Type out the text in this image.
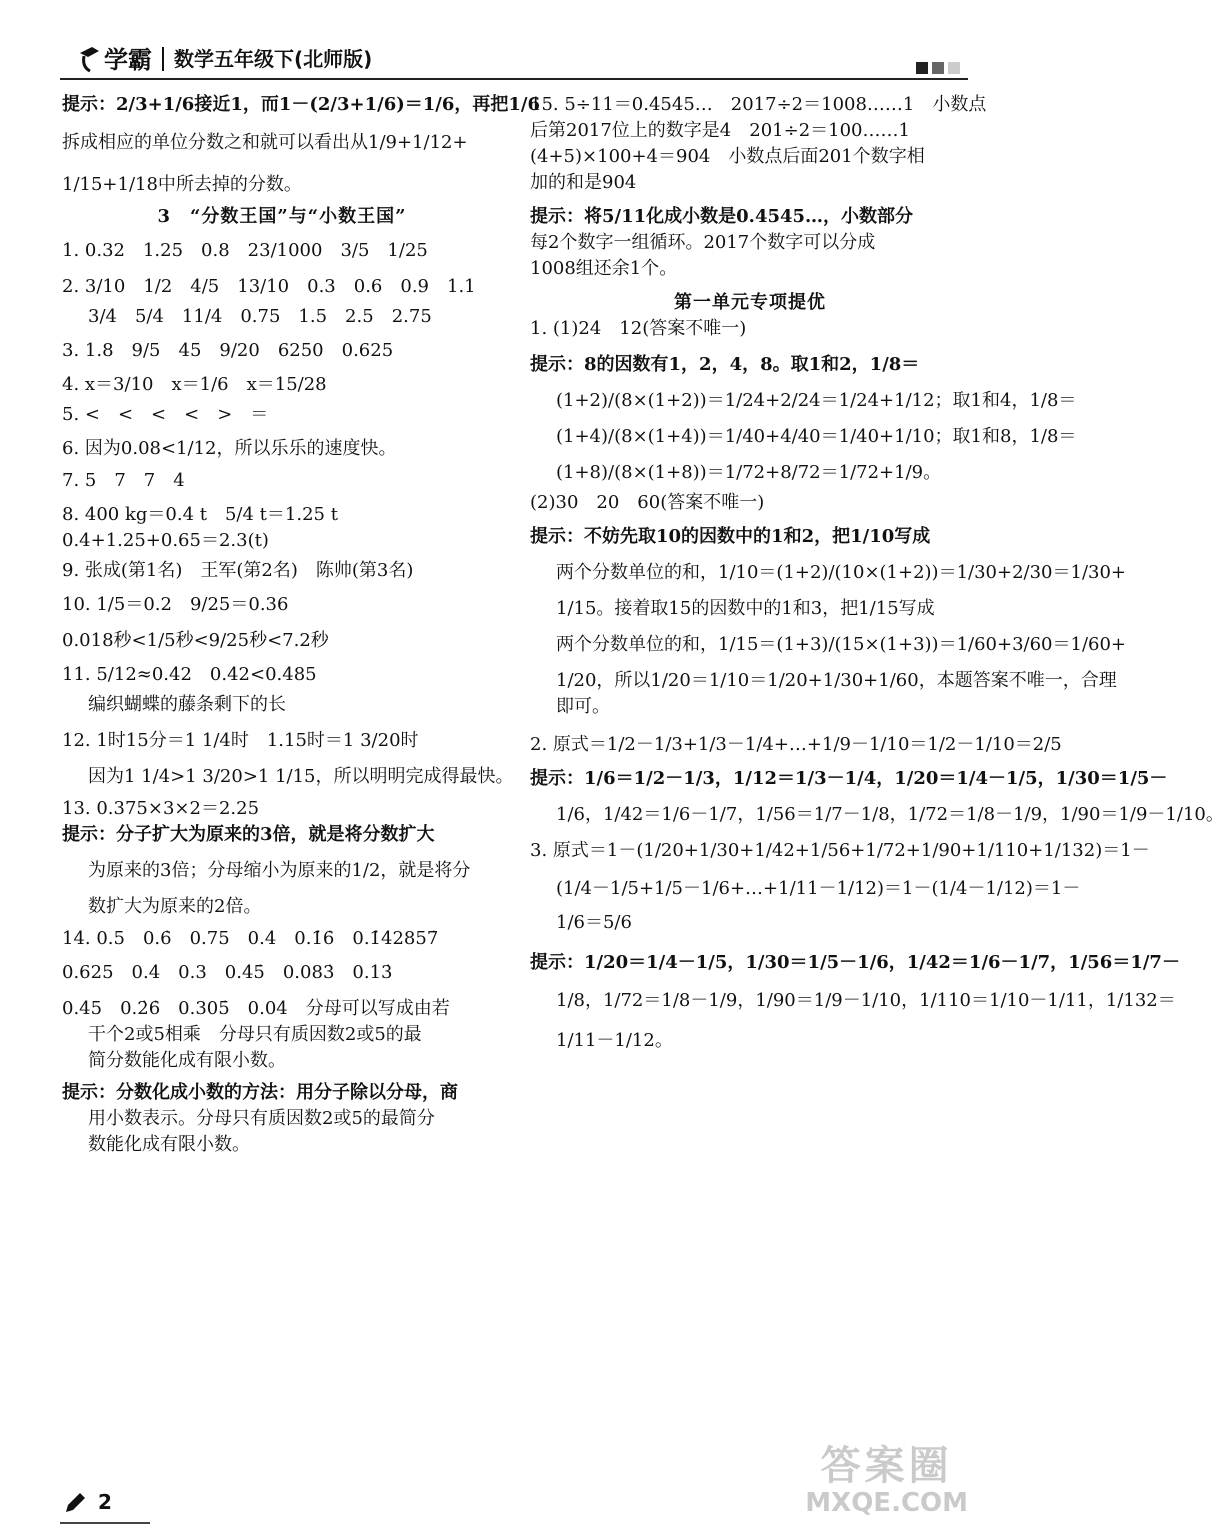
学霸 数学五年级下(北师版)
提示：2/3+1/6接近1，而1－(2/3+1/6)＝1/6，再把1/6
拆成相应的单位分数之和就可以看出从1/9+1/12+
1/15+1/18中所去掉的分数。
3　“分数王国”与“小数王国”
1. 0.32　1.25　0.8　23/1000　3/5　1/25
2. 3/10　1/2　4/5　13/10　0.3　0.6　0.9　1.1
3/4　5/4　11/4　0.75　1.5　2.5　2.75
3. 1.8　9/5　45　9/20　6250　0.625
4. x＝3/10　x＝1/6　x＝15/28
5. <　<　<　<　>　＝
6. 因为0.08<1/12，所以乐乐的速度快。
7. 5　7　7　4
8. 400 kg＝0.4 t　5/4 t＝1.25 t
0.4+1.25+0.65＝2.3(t)
9. 张成(第1名)　王军(第2名)　陈帅(第3名)
10. 1/5＝0.2　9/25＝0.36
0.018秒<1/5秒<9/25秒<7.2秒
11. 5/12≈0.42　0.42<0.485
编织蝴蝶的藤条剩下的长
12. 1时15分＝1 1/4时　1.15时＝1 3/20时
因为1 1/4>1 3/20>1 1/15，所以明明完成得最快。
13. 0.375×3×2＝2.25
提示：分子扩大为原来的3倍，就是将分数扩大
为原来的3倍；分母缩小为原来的1/2，就是将分
数扩大为原来的2倍。
14. 0.5　0.6̇　0.75　0.4　0.1̇6̇　0.1̇42857̇
0.625　0.4̇　0.3　0.45̇　0.083̇　0.13̇
0.45　0.2̇6̇　0.305̇　0.04　分母可以写成由若
干个2或5相乘　分母只有质因数2或5的最
简分数能化成有限小数。
提示：分数化成小数的方法：用分子除以分母，商
用小数表示。分母只有质因数2或5的最简分
数能化成有限小数。
15. 5÷11＝0.4545…　2017÷2＝1008……1　小数点
后第2017位上的数字是4　201÷2＝100……1
(4+5)×100+4＝904　小数点后面201个数字相
加的和是904
提示：将5/11化成小数是0.4545…，小数部分
每2个数字一组循环。2017个数字可以分成
1008组还余1个。
第一单元专项提优
1. (1)24　12(答案不唯一)
提示：8的因数有1，2，4，8。取1和2，1/8＝
(1+2)/(8×(1+2))＝1/24+2/24＝1/24+1/12；取1和4，1/8＝
(1+4)/(8×(1+4))＝1/40+4/40＝1/40+1/10；取1和8，1/8＝
(1+8)/(8×(1+8))＝1/72+8/72＝1/72+1/9。
(2)30　20　60(答案不唯一)
提示：不妨先取10的因数中的1和2，把1/10写成
两个分数单位的和，1/10＝(1+2)/(10×(1+2))＝1/30+2/30＝1/30+
1/15。接着取15的因数中的1和3，把1/15写成
两个分数单位的和，1/15＝(1+3)/(15×(1+3))＝1/60+3/60＝1/60+
1/20，所以1/20＝1/10＝1/20+1/30+1/60，本题答案不唯一，合理
即可。
2. 原式＝1/2－1/3+1/3－1/4+…+1/9－1/10＝1/2－1/10＝2/5
提示：1/6＝1/2－1/3，1/12＝1/3－1/4，1/20＝1/4－1/5，1/30＝1/5－
1/6，1/42＝1/6－1/7，1/56＝1/7－1/8，1/72＝1/8－1/9，1/90＝1/9－1/10。
3. 原式＝1－(1/20+1/30+1/42+1/56+1/72+1/90+1/110+1/132)＝1－
(1/4－1/5+1/5－1/6+…+1/11－1/12)＝1－(1/4－1/12)＝1－
1/6＝5/6
提示：1/20＝1/4－1/5，1/30＝1/5－1/6，1/42＝1/6－1/7，1/56＝1/7－
1/8，1/72＝1/8－1/9，1/90＝1/9－1/10，1/110＝1/10－1/11，1/132＝
1/11－1/12。
2
答案圈
MXQE.COM
